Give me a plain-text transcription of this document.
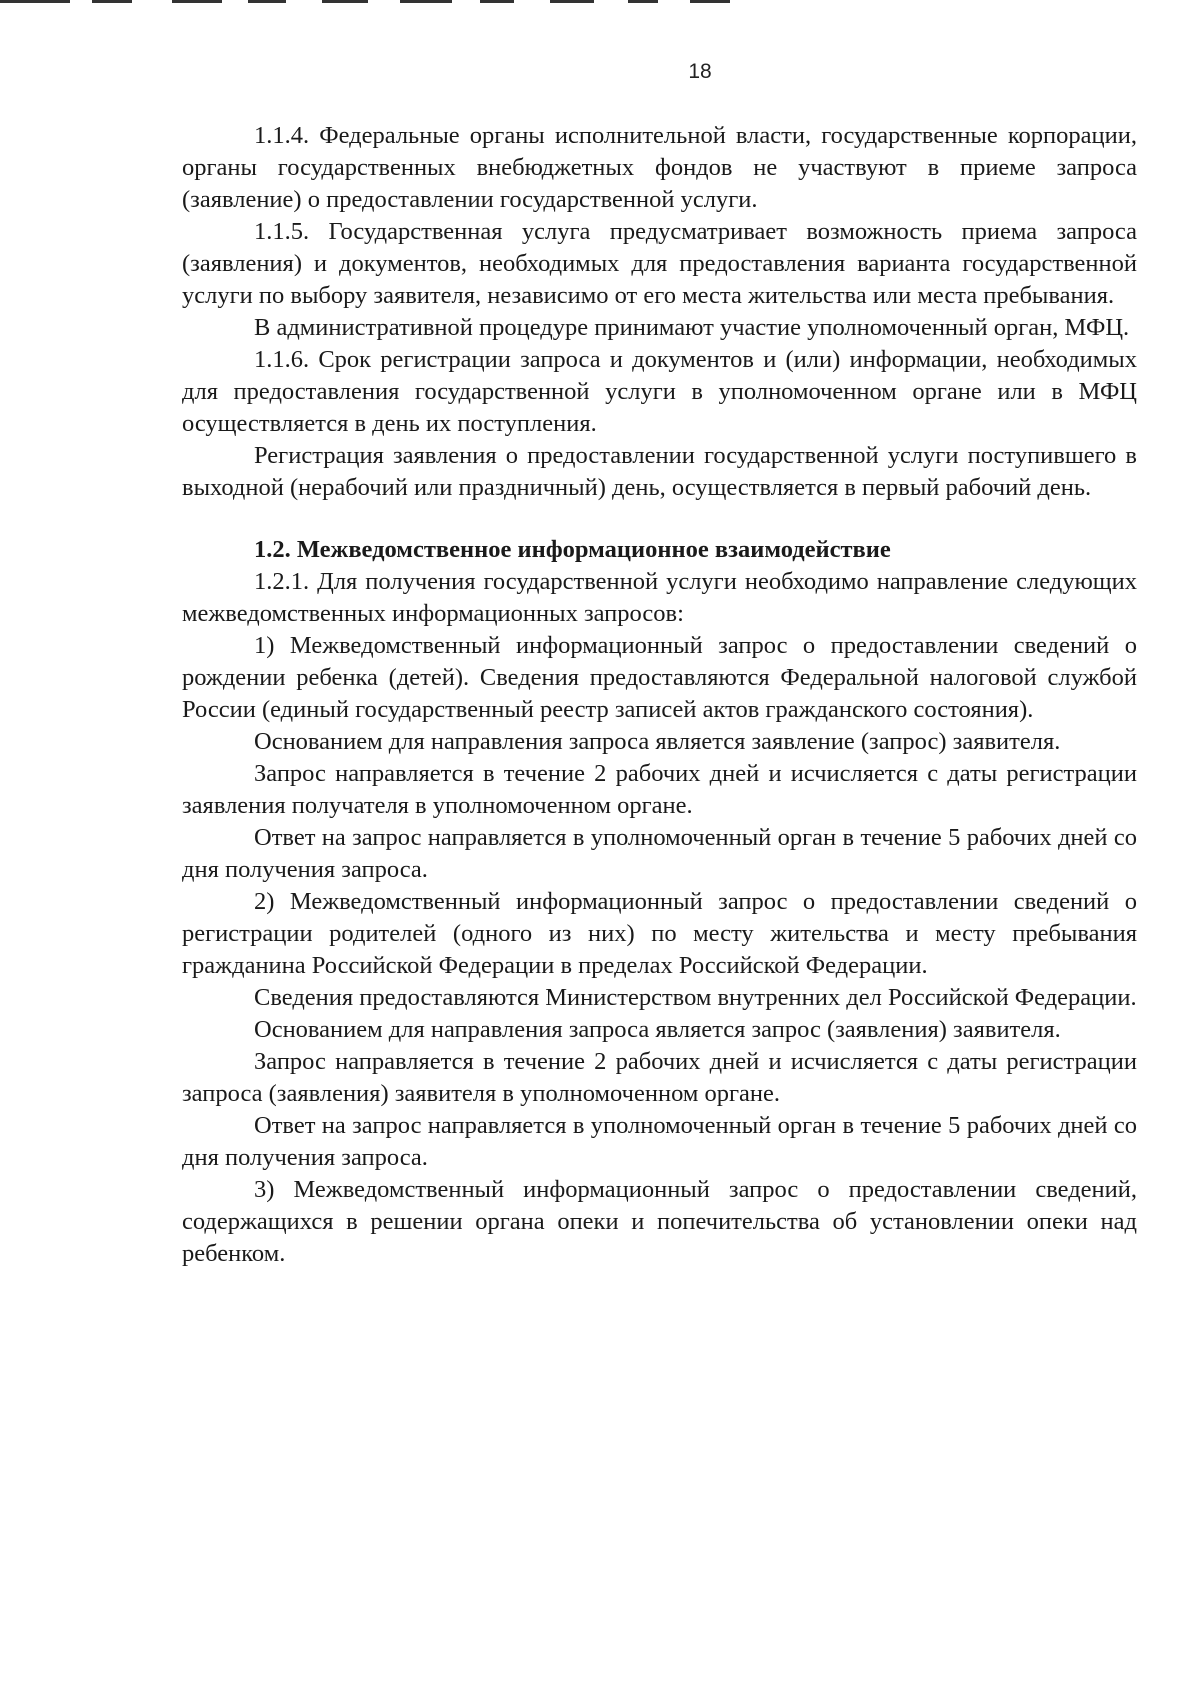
18

1.1.4. Федеральные органы исполнительной власти, государственные корпорации, органы государственных внебюджетных фондов не участвуют в приеме запроса (заявление) о предоставлении государственной услуги.

1.1.5. Государственная услуга предусматривает возможность приема запроса (заявления) и документов, необходимых для предоставления варианта государственной услуги по выбору заявителя, независимо от его места жительства или места пребывания.

В административной процедуре принимают участие уполномоченный орган, МФЦ.

1.1.6. Срок регистрации запроса и документов и (или) информации, необходимых для предоставления государственной услуги в уполномоченном органе или в МФЦ осуществляется в день их поступления.

Регистрация заявления о предоставлении государственной услуги поступившего в выходной (нерабочий или праздничный) день, осуществляется в первый рабочий день.

1.2. Межведомственное информационное взаимодействие

1.2.1. Для получения государственной услуги необходимо направление следующих межведомственных информационных запросов:

1) Межведомственный информационный запрос о предоставлении сведений о рождении ребенка (детей). Сведения предоставляются Федеральной налоговой службой России (единый государственный реестр записей актов гражданского состояния).

Основанием для направления запроса является заявление (запрос) заявителя.

Запрос направляется в течение 2 рабочих дней и исчисляется с даты регистрации заявления получателя в уполномоченном органе.

Ответ на запрос направляется в уполномоченный орган в течение 5 рабочих дней со дня получения запроса.

2) Межведомственный информационный запрос о предоставлении сведений о регистрации родителей (одного из них) по месту жительства и месту пребывания гражданина Российской Федерации в пределах Российской Федерации.

Сведения предоставляются Министерством внутренних дел Российской Федерации.

Основанием для направления запроса является запрос (заявления) заявителя.

Запрос направляется в течение 2 рабочих дней и исчисляется с даты регистрации запроса (заявления) заявителя в уполномоченном органе.

Ответ на запрос направляется в уполномоченный орган в течение 5 рабочих дней со дня получения запроса.

3) Межведомственный информационный запрос о предоставлении сведений, содержащихся в решении органа опеки и попечительства об установлении опеки над ребенком.
